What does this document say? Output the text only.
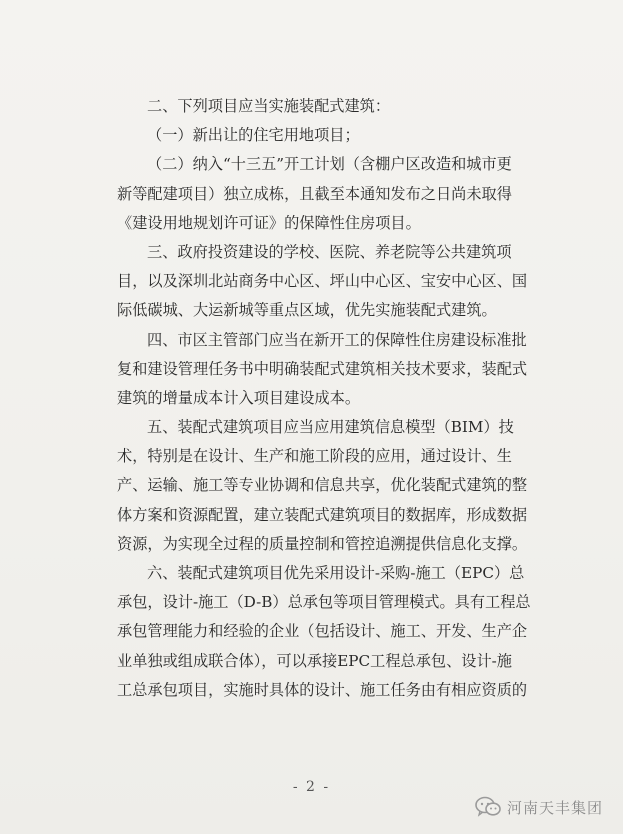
二、下列项目应当实施装配式建筑：
（一）新出让的住宅用地项目；
（二）纳入“十三五”开工计划（含棚户区改造和城市更
新等配建项目）独立成栋，且截至本通知发布之日尚未取得
《建设用地规划许可证》的保障性住房项目。
三、政府投资建设的学校、医院、养老院等公共建筑项
目，以及深圳北站商务中心区、坪山中心区、宝安中心区、国
际低碳城、大运新城等重点区域，优先实施装配式建筑。
四、市区主管部门应当在新开工的保障性住房建设标准批
复和建设管理任务书中明确装配式建筑相关技术要求，装配式
建筑的增量成本计入项目建设成本。
五、装配式建筑项目应当应用建筑信息模型（BIM）技
术，特别是在设计、生产和施工阶段的应用，通过设计、生
产、运输、施工等专业协调和信息共享，优化装配式建筑的整
体方案和资源配置，建立装配式建筑项目的数据库，形成数据
资源，为实现全过程的质量控制和管控追溯提供信息化支撑。
六、装配式建筑项目优先采用设计-采购-施工（EPC）总
承包，设计-施工（D-B）总承包等项目管理模式。具有工程总
承包管理能力和经验的企业（包括设计、施工、开发、生产企
业单独或组成联合体），可以承接EPC工程总承包、设计-施
工总承包项目，实施时具体的设计、施工任务由有相应资质的
- 2 -
河南天丰集团
